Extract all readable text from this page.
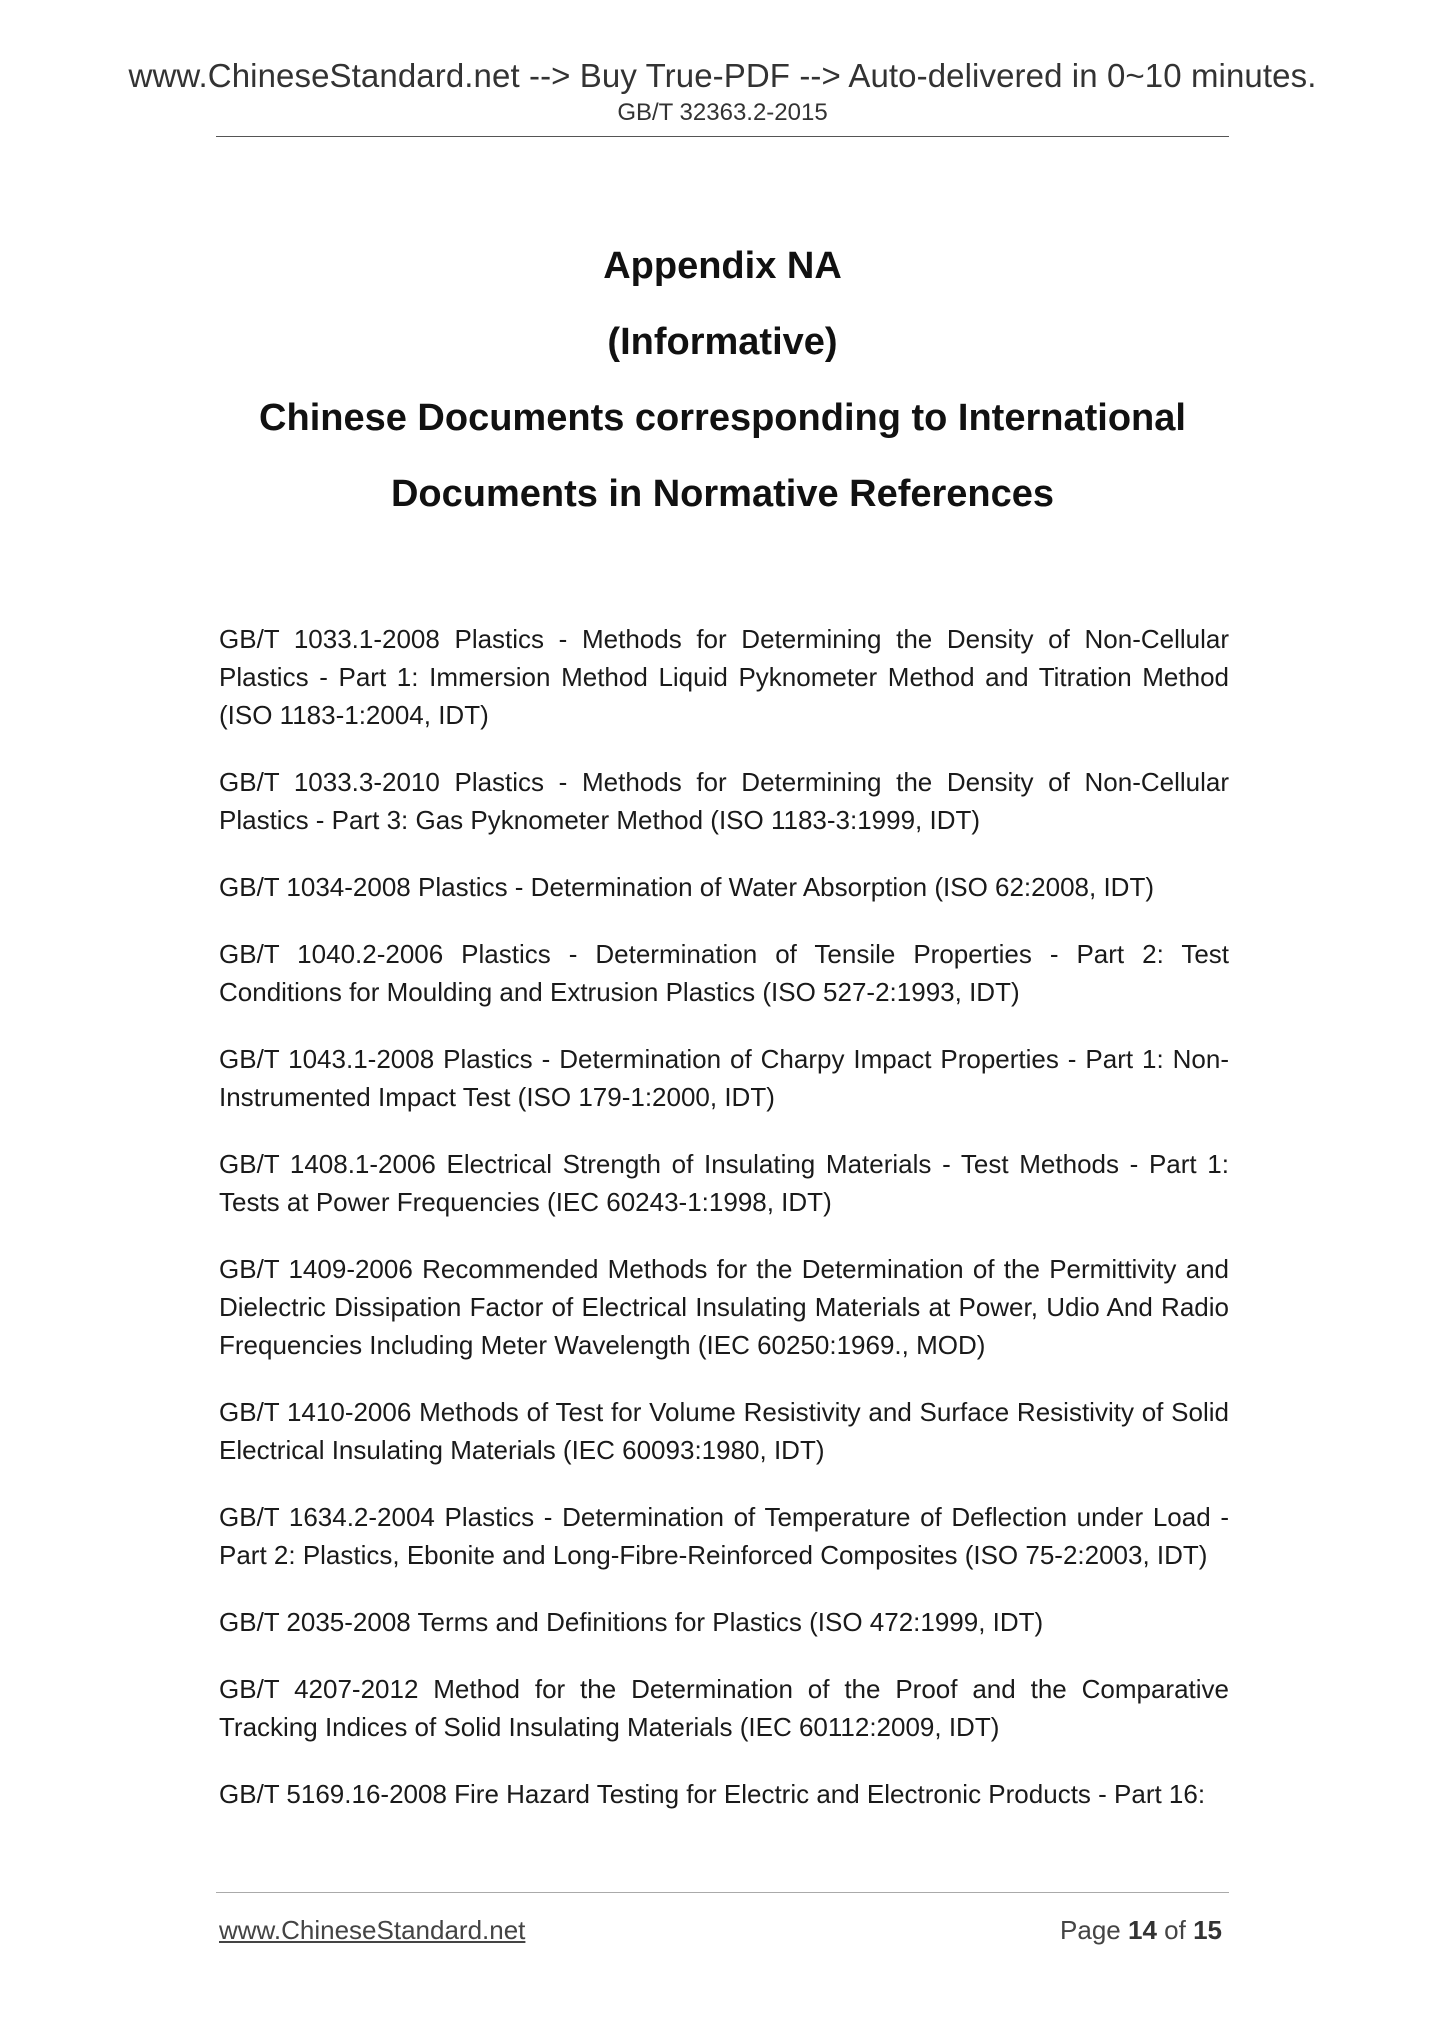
www.ChineseStandard.net --> Buy True-PDF --> Auto-delivered in 0~10 minutes.
GB/T 32363.2-2015
Appendix NA
(Informative)
Chinese Documents corresponding to International
Documents in Normative References

GB/T 1033.1-2008 Plastics - Methods for Determining the Density of Non-Cellular Plastics - Part 1: Immersion Method Liquid Pyknometer Method and Titration Method (ISO 1183-1:2004, IDT)

GB/T 1033.3-2010 Plastics - Methods for Determining the Density of Non-Cellular Plastics - Part 3: Gas Pyknometer Method (ISO 1183-3:1999, IDT)

GB/T 1034-2008 Plastics - Determination of Water Absorption (ISO 62:2008, IDT)

GB/T 1040.2-2006 Plastics - Determination of Tensile Properties - Part 2: Test Conditions for Moulding and Extrusion Plastics (ISO 527-2:1993, IDT)

GB/T 1043.1-2008 Plastics - Determination of Charpy Impact Properties - Part 1: Non-Instrumented Impact Test (ISO 179-1:2000, IDT)

GB/T 1408.1-2006 Electrical Strength of Insulating Materials - Test Methods - Part 1: Tests at Power Frequencies (IEC 60243-1:1998, IDT)

GB/T 1409-2006 Recommended Methods for the Determination of the Permittivity and Dielectric Dissipation Factor of Electrical Insulating Materials at Power, Udio And Radio Frequencies Including Meter Wavelength (IEC 60250:1969., MOD)

GB/T 1410-2006 Methods of Test for Volume Resistivity and Surface Resistivity of Solid Electrical Insulating Materials (IEC 60093:1980, IDT)

GB/T 1634.2-2004 Plastics - Determination of Temperature of Deflection under Load - Part 2: Plastics, Ebonite and Long-Fibre-Reinforced Composites (ISO 75-2:2003, IDT)

GB/T 2035-2008 Terms and Definitions for Plastics (ISO 472:1999, IDT)

GB/T 4207-2012 Method for the Determination of the Proof and the Comparative Tracking Indices of Solid Insulating Materials (IEC 60112:2009, IDT)

GB/T 5169.16-2008 Fire Hazard Testing for Electric and Electronic Products - Part 16:

www.ChineseStandard.net	Page 14 of 15
